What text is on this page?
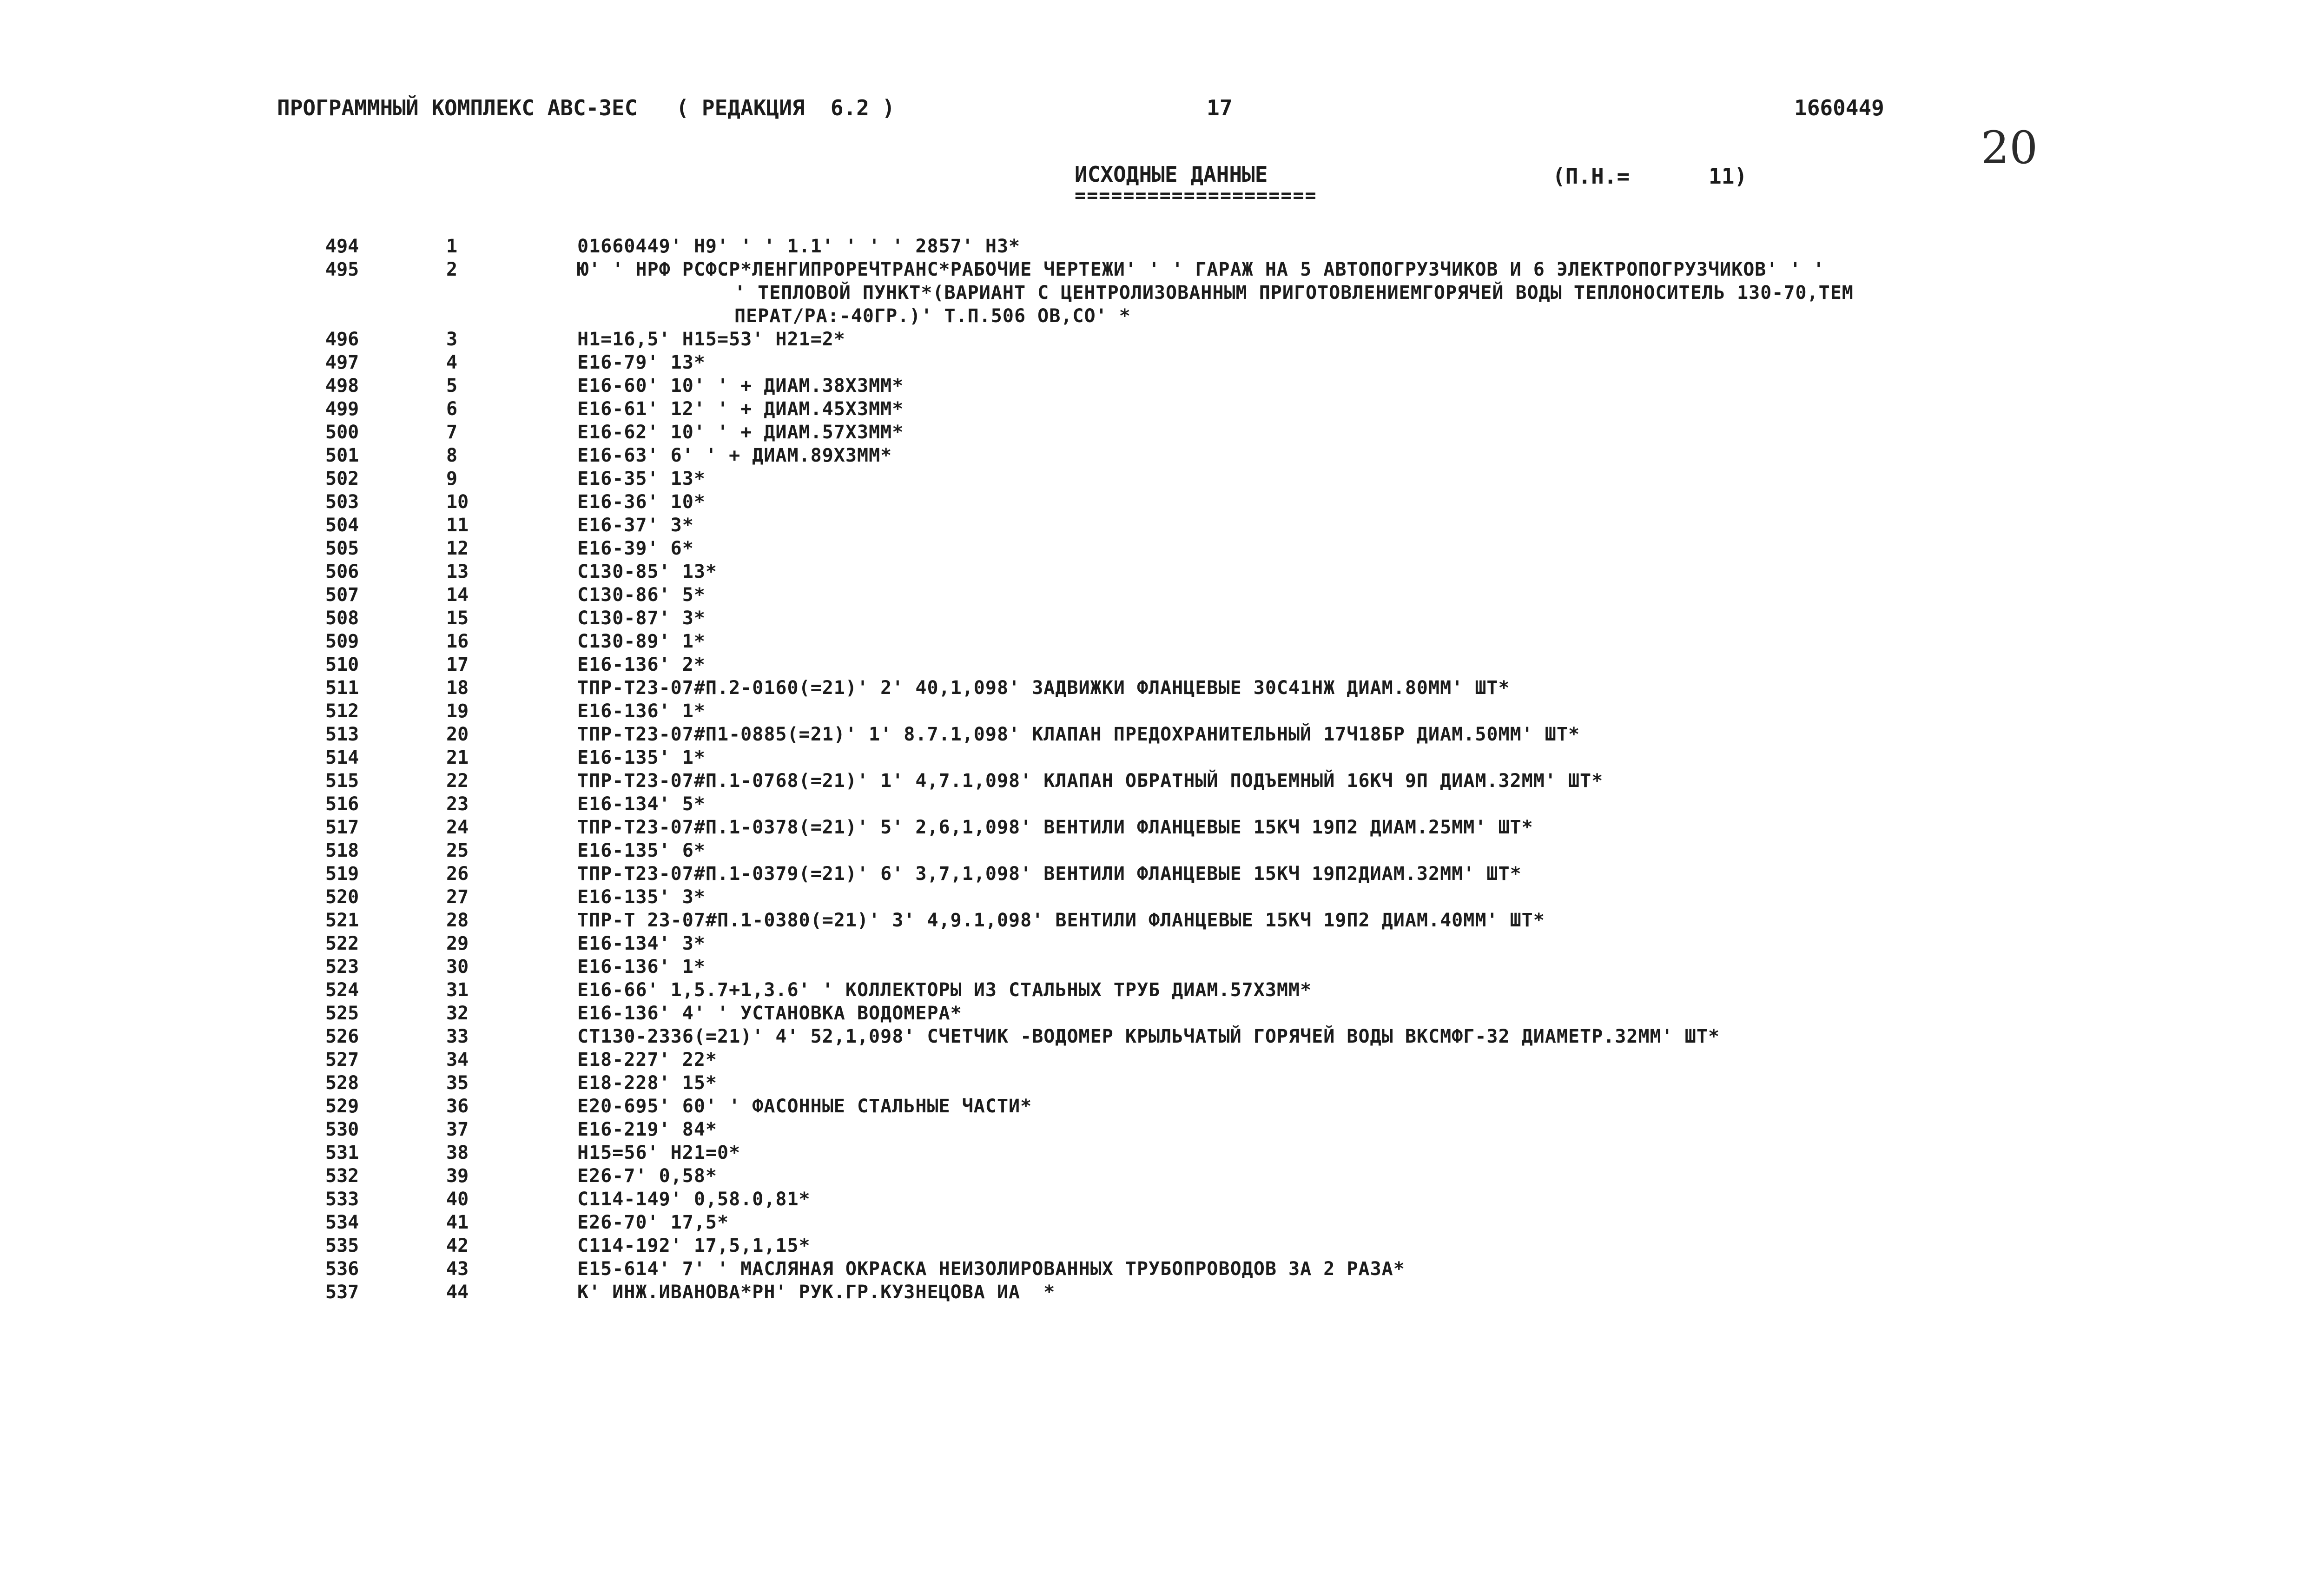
ПРОГРАММНЫЙ КОМПЛЕКС АВС-3ЕС   ( РЕДАКЦИЯ  6.2 )	17	1660449
20
ИСХОДНЫЕ ДАННЫЕ
====================
(П.Н.=	11)
494	1	01660449' Н9' ' ' 1.1' ' ' ' 2857' Н3*
495	2	Ю' ' НРФ РСФСР*ЛЕНГИПРОРЕЧТРАНС*РАБОЧИЕ ЧЕРТЕЖИ' ' ' ГАРАЖ НА 5 АВТОПОГРУЗЧИКОВ И 6 ЭЛЕКТРОПОГРУЗЧИКОВ' ' '
' ТЕПЛОВОЙ ПУНКТ*(ВАРИАНТ С ЦЕНТРОЛИЗОВАННЫМ ПРИГОТОВЛЕНИЕМГОРЯЧЕЙ ВОДЫ ТЕПЛОНОСИТЕЛЬ 130-70,ТЕМ
ПЕРАТ/РА:-40ГР.)' Т.П.506 ОВ,СО' *
496	3	Н1=16,5' Н15=53' Н21=2*
497	4	Е16-79' 13*
498	5	Е16-60' 10' ' + ДИАМ.38Х3ММ*
499	6	Е16-61' 12' ' + ДИАМ.45Х3ММ*
500	7	Е16-62' 10' ' + ДИАМ.57Х3ММ*
501	8	Е16-63' 6' ' + ДИАМ.89Х3ММ*
502	9	Е16-35' 13*
503	10	Е16-36' 10*
504	11	Е16-37' 3*
505	12	Е16-39' 6*
506	13	С130-85' 13*
507	14	С130-86' 5*
508	15	С130-87' 3*
509	16	С130-89' 1*
510	17	Е16-136' 2*
511	18	ТПР-Т23-07#П.2-0160(=21)' 2' 40,1,098' ЗАДВИЖКИ ФЛАНЦЕВЫЕ 30С41НЖ ДИАМ.80ММ' ШТ*
512	19	Е16-136' 1*
513	20	ТПР-Т23-07#П1-0885(=21)' 1' 8.7.1,098' КЛАПАН ПРЕДОХРАНИТЕЛЬНЫЙ 17Ч18БР ДИАМ.50ММ' ШТ*
514	21	Е16-135' 1*
515	22	ТПР-Т23-07#П.1-0768(=21)' 1' 4,7.1,098' КЛАПАН ОБРАТНЫЙ ПОДЪЕМНЫЙ 16КЧ 9П ДИАМ.32ММ' ШТ*
516	23	Е16-134' 5*
517	24	ТПР-Т23-07#П.1-0378(=21)' 5' 2,6,1,098' ВЕНТИЛИ ФЛАНЦЕВЫЕ 15КЧ 19П2 ДИАМ.25ММ' ШТ*
518	25	Е16-135' 6*
519	26	ТПР-Т23-07#П.1-0379(=21)' 6' 3,7,1,098' ВЕНТИЛИ ФЛАНЦЕВЫЕ 15КЧ 19П2ДИАМ.32ММ' ШТ*
520	27	Е16-135' 3*
521	28	ТПР-Т 23-07#П.1-0380(=21)' 3' 4,9.1,098' ВЕНТИЛИ ФЛАНЦЕВЫЕ 15КЧ 19П2 ДИАМ.40ММ' ШТ*
522	29	Е16-134' 3*
523	30	Е16-136' 1*
524	31	Е16-66' 1,5.7+1,3.6' ' КОЛЛЕКТОРЫ ИЗ СТАЛЬНЫХ ТРУБ ДИАМ.57Х3ММ*
525	32	Е16-136' 4' ' УСТАНОВКА ВОДОМЕРА*
526	33	СТ130-2336(=21)' 4' 52,1,098' СЧЕТЧИК -ВОДОМЕР КРЫЛЬЧАТЫЙ ГОРЯЧЕЙ ВОДЫ ВКСМФГ-32 ДИАМЕТР.32ММ' ШТ*
527	34	Е18-227' 22*
528	35	Е18-228' 15*
529	36	Е20-695' 60' ' ФАСОННЫЕ СТАЛЬНЫЕ ЧАСТИ*
530	37	Е16-219' 84*
531	38	Н15=56' Н21=0*
532	39	Е26-7' 0,58*
533	40	С114-149' 0,58.0,81*
534	41	Е26-70' 17,5*
535	42	С114-192' 17,5,1,15*
536	43	Е15-614' 7' ' МАСЛЯНАЯ ОКРАСКА НЕИЗОЛИРОВАННЫХ ТРУБОПРОВОДОВ ЗА 2 РАЗА*
537	44	К' ИНЖ.ИВАНОВА*РН' РУК.ГР.КУЗНЕЦОВА ИА  *
